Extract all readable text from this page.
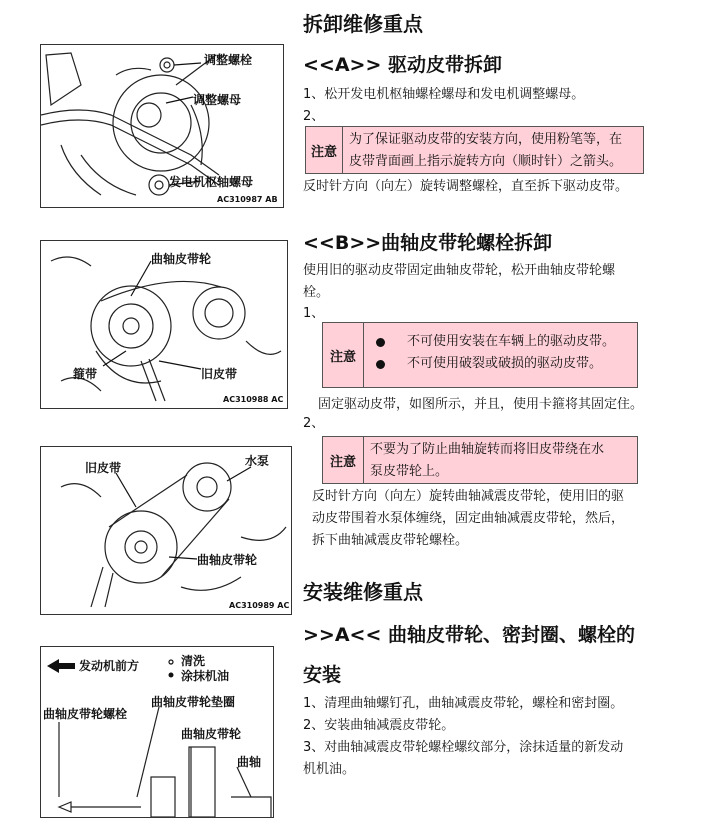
调整螺栓
调整螺母
发电机枢轴螺母
AC310987 AB
曲轴皮带轮
箍带	旧皮带
AC310988 AC
旧皮带	水泵
曲轴皮带轮
AC310989 AC
发动机前方	清洗
涂抹机油
曲轴皮带轮螺栓
曲轴皮带轮垫圈
曲轴皮带轮
曲轴
拆卸维修重点
<<A>> 驱动皮带拆卸
1、松开发电机枢轴螺栓螺母和发电机调整螺母。
2、
注意
为了保证驱动皮带的安装方向，使用粉笔等，在
皮带背面画上指示旋转方向（顺时针）之箭头。
反时针方向（向左）旋转调整螺栓，直至拆下驱动皮带。
<<B>>曲轴皮带轮螺栓拆卸
使用旧的驱动皮带固定曲轴皮带轮，松开曲轴皮带轮螺
栓。
1、
注意
不可使用安装在车辆上的驱动皮带。
不可使用破裂或破损的驱动皮带。
固定驱动皮带，如图所示，并且，使用卡箍将其固定住。
2、
注意
不要为了防止曲轴旋转而将旧皮带绕在水
泵皮带轮上。
反时针方向（向左）旋转曲轴减震皮带轮，使用旧的驱
动皮带围着水泵体缠绕，固定曲轴减震皮带轮，然后，
拆下曲轴减震皮带轮螺栓。
安装维修重点
>>A<< 曲轴皮带轮、密封圈、螺栓的
安装
1、清理曲轴螺钉孔，曲轴减震皮带轮，螺栓和密封圈。
2、安装曲轴减震皮带轮。
3、对曲轴减震皮带轮螺栓螺纹部分，涂抹适量的新发动
机机油。
